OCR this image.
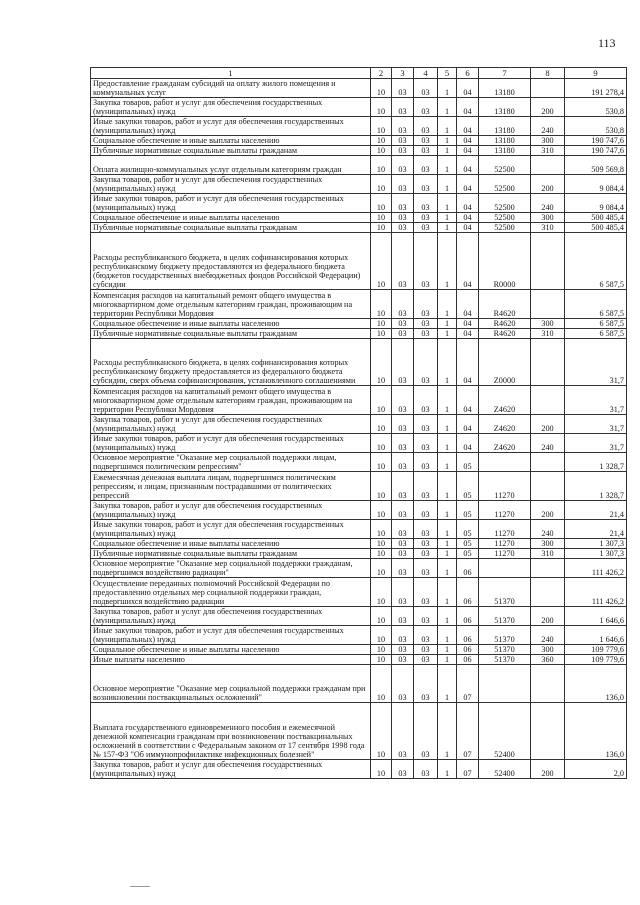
113
1	2	3	4	5	6	7	8	9
Предоставление гражданам субсидий на оплату жилого помещения и коммунальных услуг	10	03	03	1	04	13180		191 278,4
Закупка товаров, работ и услуг для обеспечения государственных (муниципальных) нужд	10	03	03	1	04	13180	200	530,8
Иные закупки товаров, работ и услуг для обеспечения государственных (муниципальных) нужд	10	03	03	1	04	13180	240	530,8
Социальное обеспечение и иные выплаты населению	10	03	03	1	04	13180	300	190 747,6
Публичные нормативные социальные выплаты гражданам	10	03	03	1	04	13180	310	190 747,6
Оплата жилищно-коммунальных услуг отдельным категориям граждан	10	03	03	1	04	52500		509 569,8
Закупка товаров, работ и услуг для обеспечения государственных (муниципальных) нужд	10	03	03	1	04	52500	200	9 084,4
Иные закупки товаров, работ и услуг для обеспечения государственных (муниципальных) нужд	10	03	03	1	04	52500	240	9 084,4
Социальное обеспечение и иные выплаты населению	10	03	03	1	04	52500	300	500 485,4
Публичные нормативные социальные выплаты гражданам	10	03	03	1	04	52500	310	500 485,4
Расходы республиканского бюджета, в целях софинансирования которых республиканскому бюджету предоставляются из федерального бюджета (бюджетов государственных внебюджетных фондов Российской Федерации) субсидии	10	03	03	1	04	R0000		6 587,5
Компенсация расходов на капитальный ремонт общего имущества в многоквартирном доме отдельным категориям граждан, проживающим на территории Республики Мордовия	10	03	03	1	04	R4620		6 587,5
Социальное обеспечение и иные выплаты населению	10	03	03	1	04	R4620	300	6 587,5
Публичные нормативные социальные выплаты гражданам	10	03	03	1	04	R4620	310	6 587,5
Расходы республиканского бюджета, в целях софинансирования которых республиканскому бюджету предоставляется из федерального бюджета субсидии, сверх объема софинансирования, установленного соглашениями	10	03	03	1	04	Z0000		31,7
Компенсация расходов на капитальный ремонт общего имущества в многоквартирном доме отдельным категориям граждан, проживающим на территории Республики Мордовия	10	03	03	1	04	Z4620		31,7
Закупка товаров, работ и услуг для обеспечения государственных (муниципальных) нужд	10	03	03	1	04	Z4620	200	31,7
Иные закупки товаров, работ и услуг для обеспечения государственных (муниципальных) нужд	10	03	03	1	04	Z4620	240	31,7
Основное мероприятие "Оказание мер социальной поддержки лицам, подвергшимся политическим репрессиям"	10	03	03	1	05			1 328,7
Ежемесячная денежная выплата лицам, подвергшимся политическим репрессиям, и лицам, признанным пострадавшими от политических репрессий	10	03	03	1	05	11270		1 328,7
Закупка товаров, работ и услуг для обеспечения государственных (муниципальных) нужд	10	03	03	1	05	11270	200	21,4
Иные закупки товаров, работ и услуг для обеспечения государственных (муниципальных) нужд	10	03	03	1	05	11270	240	21,4
Социальное обеспечение и иные выплаты населению	10	03	03	1	05	11270	300	1 307,3
Публичные нормативные социальные выплаты гражданам	10	03	03	1	05	11270	310	1 307,3
Основное мероприятие "Оказание мер социальной поддержки гражданам, подвергшимся воздействию радиации"	10	03	03	1	06			111 426,2
Осуществление переданных полномочий Российской Федерации по предоставлению отдельных мер социальной поддержки граждан, подвергшихся воздействию радиации	10	03	03	1	06	51370		111 426,2
Закупка товаров, работ и услуг для обеспечения государственных (муниципальных) нужд	10	03	03	1	06	51370	200	1 646,6
Иные закупки товаров, работ и услуг для обеспечения государственных (муниципальных) нужд	10	03	03	1	06	51370	240	1 646,6
Социальное обеспечение и иные выплаты населению	10	03	03	1	06	51370	300	109 779,6
Иные выплаты населению	10	03	03	1	06	51370	360	109 779,6
Основное мероприятие "Оказание мер социальной поддержки гражданам при возникновении поствакцинальных осложнений"	10	03	03	1	07			136,0
Выплата государственного единовременного пособия и ежемесячной денежной компенсации гражданам при возникновении поствакцинальных осложнений в соответствии с Федеральным законом от 17 сентября 1998 года № 157-ФЗ "Об иммунопрофилактике инфекционных болезней"	10	03	03	1	07	52400		136,0
Закупка товаров, работ и услуг для обеспечения государственных (муниципальных) нужд	10	03	03	1	07	52400	200	2,0
